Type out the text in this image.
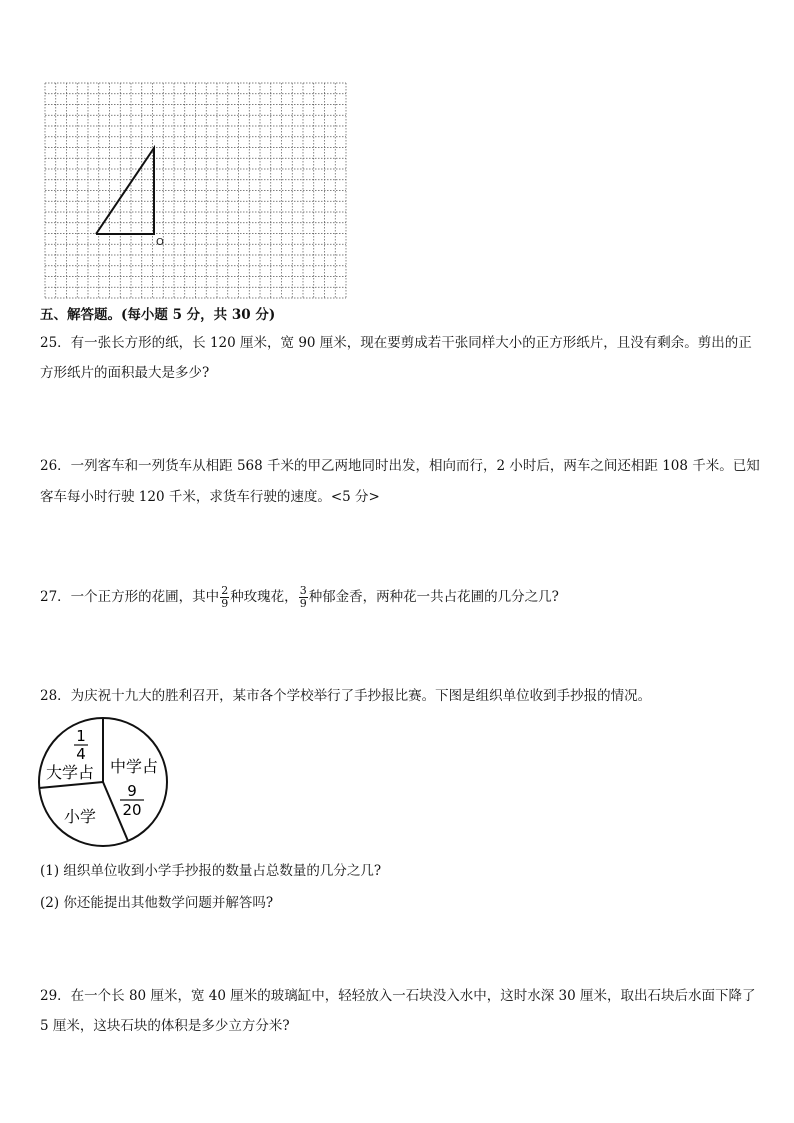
O
五、解答题。(每小题 5 分，共 30 分)
25．有一张长方形的纸，长 120 厘米，宽 90 厘米，现在要剪成若干张同样大小的正方形纸片，且没有剩余。剪出的正
方形纸片的面积最大是多少?
26．一列客车和一列货车从相距 568 千米的甲乙两地同时出发，相向而行，2 小时后，两车之间还相距 108 千米。已知
客车每小时行驶 120 千米，求货车行驶的速度。<5 分>
27．一个正方形的花圃，其中 $\frac{2}{9}$ 种玫瑰花， $\frac{3}{9}$ 种郁金香，两种花一共占花圃的几分之几?
28．为庆祝十九大的胜利召开，某市各个学校举行了手抄报比赛。下图是组织单位收到手抄报的情况。
1
4
大学占 中学占
9
20
小学
(1) 组织单位收到小学手抄报的数量占总数量的几分之几?
(2) 你还能提出其他数学问题并解答吗?
29．在一个长 80 厘米，宽 40 厘米的玻璃缸中，轻轻放入一石块没入水中，这时水深 30 厘米，取出石块后水面下降了
5 厘米，这块石块的体积是多少立方分米?
